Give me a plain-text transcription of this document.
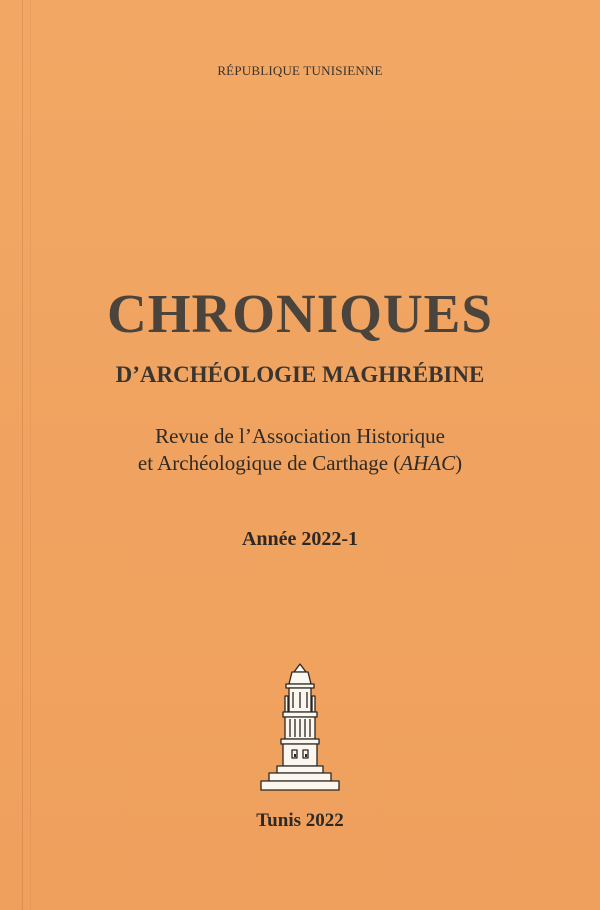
RÉPUBLIQUE TUNISIENNE
CHRONIQUES
D’ARCHÉOLOGIE MAGHRÉBINE
Revue de l’Association Historique
et Archéologique de Carthage (AHAC)
Année 2022-1
Tunis 2022
